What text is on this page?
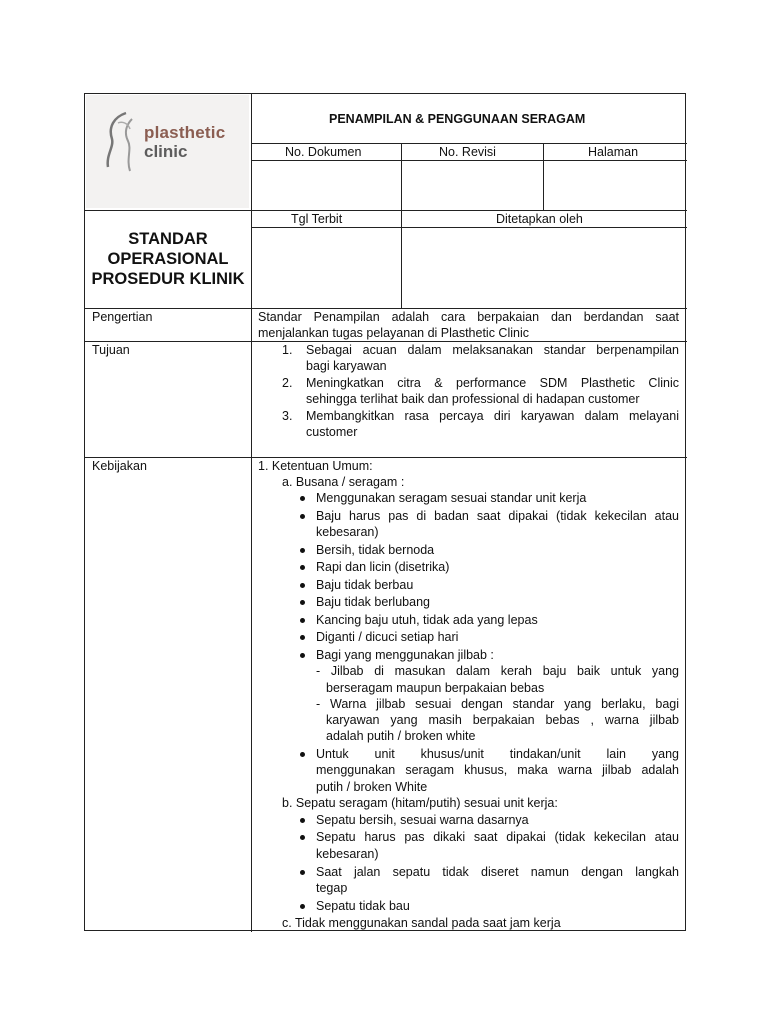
plasthetic
clinic
PENAMPILAN & PENGGUNAAN SERAGAM
No. Dokumen	No. Revisi	Halaman
Tgl Terbit	Ditetapkan oleh
STANDAR
OPERASIONAL
PROSEDUR KLINIK
Pengertian	Standar Penampilan adalah cara berpakaian dan berdandan saat
menjalankan tugas pelayanan di Plasthetic Clinic
Tujuan	1. Sebagai acuan dalam melaksanakan standar berpenampilan
bagi karyawan
2. Meningkatkan citra & performance SDM Plasthetic Clinic
sehingga terlihat baik dan professional di hadapan customer
3. Membangkitkan rasa percaya diri karyawan dalam melayani
customer
Kebijakan	1. Ketentuan Umum:
a. Busana / seragam :
Menggunakan seragam sesuai standar unit kerja
Baju harus pas di badan saat dipakai (tidak kekecilan atau
kebesaran)
Bersih, tidak bernoda
Rapi dan licin (disetrika)
Baju tidak berbau
Baju tidak berlubang
Kancing baju utuh, tidak ada yang lepas
Diganti / dicuci setiap hari
Bagi yang menggunakan jilbab :
- Jilbab di masukan dalam kerah baju baik untuk yang
berseragam maupun berpakaian bebas
- Warna jilbab sesuai dengan standar yang berlaku, bagi
karyawan yang masih berpakaian bebas , warna jilbab
adalah putih / broken white
Untuk unit khusus/unit tindakan/unit lain yang
menggunakan seragam khusus, maka warna jilbab adalah
putih / broken White
b. Sepatu seragam (hitam/putih) sesuai unit kerja:
Sepatu bersih, sesuai warna dasarnya
Sepatu harus pas dikaki saat dipakai (tidak kekecilan atau
kebesaran)
Saat jalan sepatu tidak diseret namun dengan langkah
tegap
Sepatu tidak bau
c. Tidak menggunakan sandal pada saat jam kerja
